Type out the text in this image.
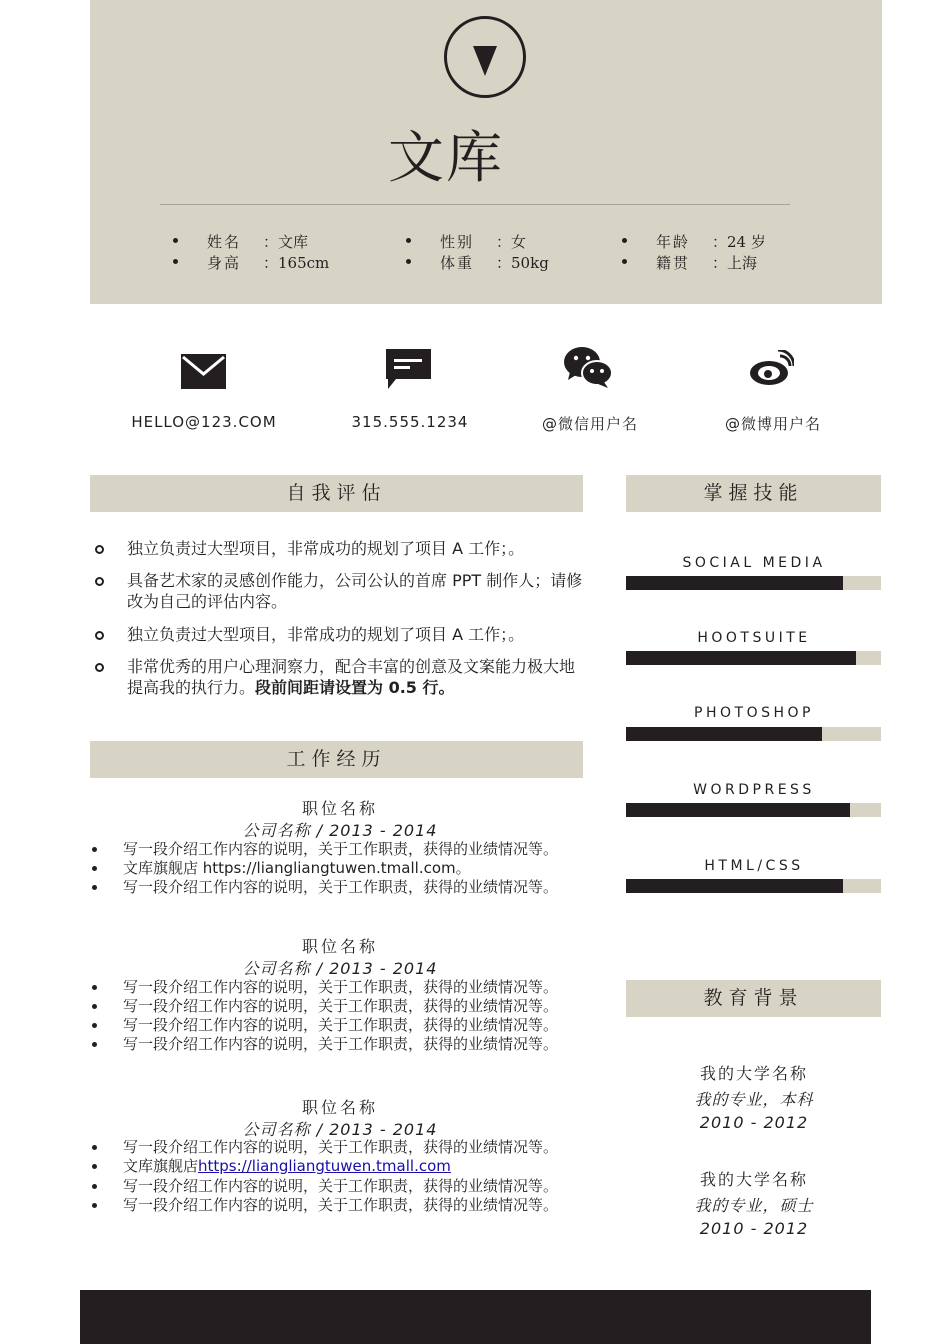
文库
姓名 ：文库
身高 ：165cm
性别 ：女
体重 ：50kg
年龄 ：24 岁
籍贯 ：上海
HELLO@123.COM	315.555.1234	@微信用户名	@微博用户名
自我评估
独立负责过大型项目，非常成功的规划了项目 A 工作；。
具备艺术家的灵感创作能力，公司公认的首席 PPT 制作人；请修改为自己的评估内容。
独立负责过大型项目，非常成功的规划了项目 A 工作；。
非常优秀的用户心理洞察力，配合丰富的创意及文案能力极大地提高我的执行力。段前间距请设置为 0.5 行。
工作经历
职位名称
公司名称 / 2013 - 2014
写一段介绍工作内容的说明，关于工作职责，获得的业绩情况等。
文库旗舰店 https://liangliangtuwen.tmall.com。
写一段介绍工作内容的说明，关于工作职责，获得的业绩情况等。
职位名称
公司名称 / 2013 - 2014
写一段介绍工作内容的说明，关于工作职责，获得的业绩情况等。
写一段介绍工作内容的说明，关于工作职责，获得的业绩情况等。
写一段介绍工作内容的说明，关于工作职责，获得的业绩情况等。
写一段介绍工作内容的说明，关于工作职责，获得的业绩情况等。
职位名称
公司名称 / 2013 - 2014
写一段介绍工作内容的说明，关于工作职责，获得的业绩情况等。
文库旗舰店https://liangliangtuwen.tmall.com
写一段介绍工作内容的说明，关于工作职责，获得的业绩情况等。
写一段介绍工作内容的说明，关于工作职责，获得的业绩情况等。
掌握技能
SOCIAL MEDIA
HOOTSUITE
PHOTOSHOP
WORDPRESS
HTML/CSS
教育背景
我的大学名称
我的专业，本科
2010 - 2012
我的大学名称
我的专业，硕士
2010 - 2012
